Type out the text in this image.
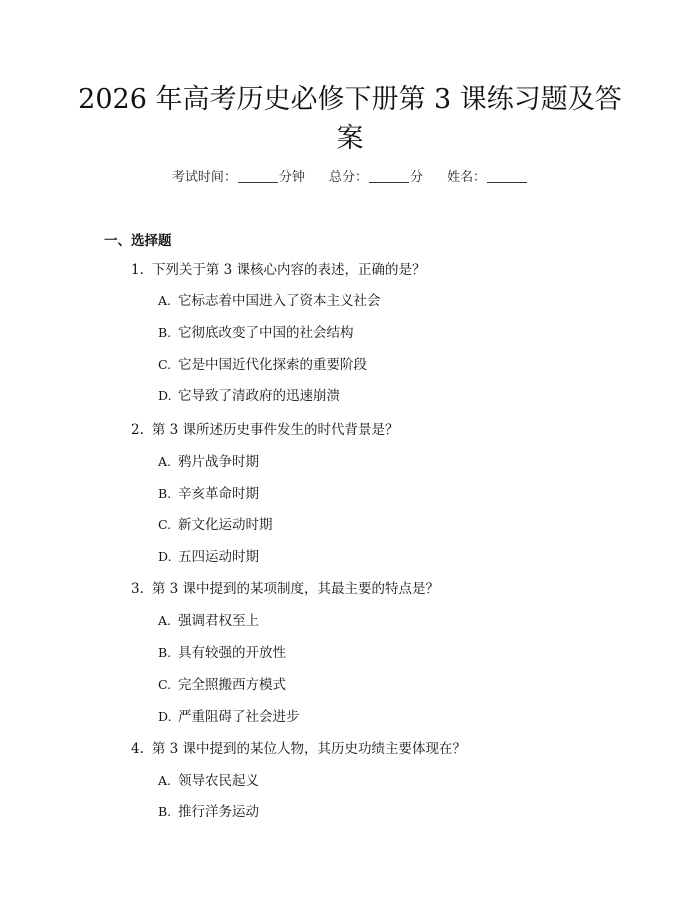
2026 年高考历史必修下册第 3 课练习题及答
案
考试时间：	分钟 总分：	分 姓名：
一、选择题
1. 下列关于第 3 课核心内容的表述，正确的是？
A. 它标志着中国进入了资本主义社会
B. 它彻底改变了中国的社会结构
C. 它是中国近代化探索的重要阶段
D. 它导致了清政府的迅速崩溃
2. 第 3 课所述历史事件发生的时代背景是？
A. 鸦片战争时期
B. 辛亥革命时期
C. 新文化运动时期
D. 五四运动时期
3. 第 3 课中提到的某项制度，其最主要的特点是？
A. 强调君权至上
B. 具有较强的开放性
C. 完全照搬西方模式
D. 严重阻碍了社会进步
4. 第 3 课中提到的某位人物，其历史功绩主要体现在？
A. 领导农民起义
B. 推行洋务运动
